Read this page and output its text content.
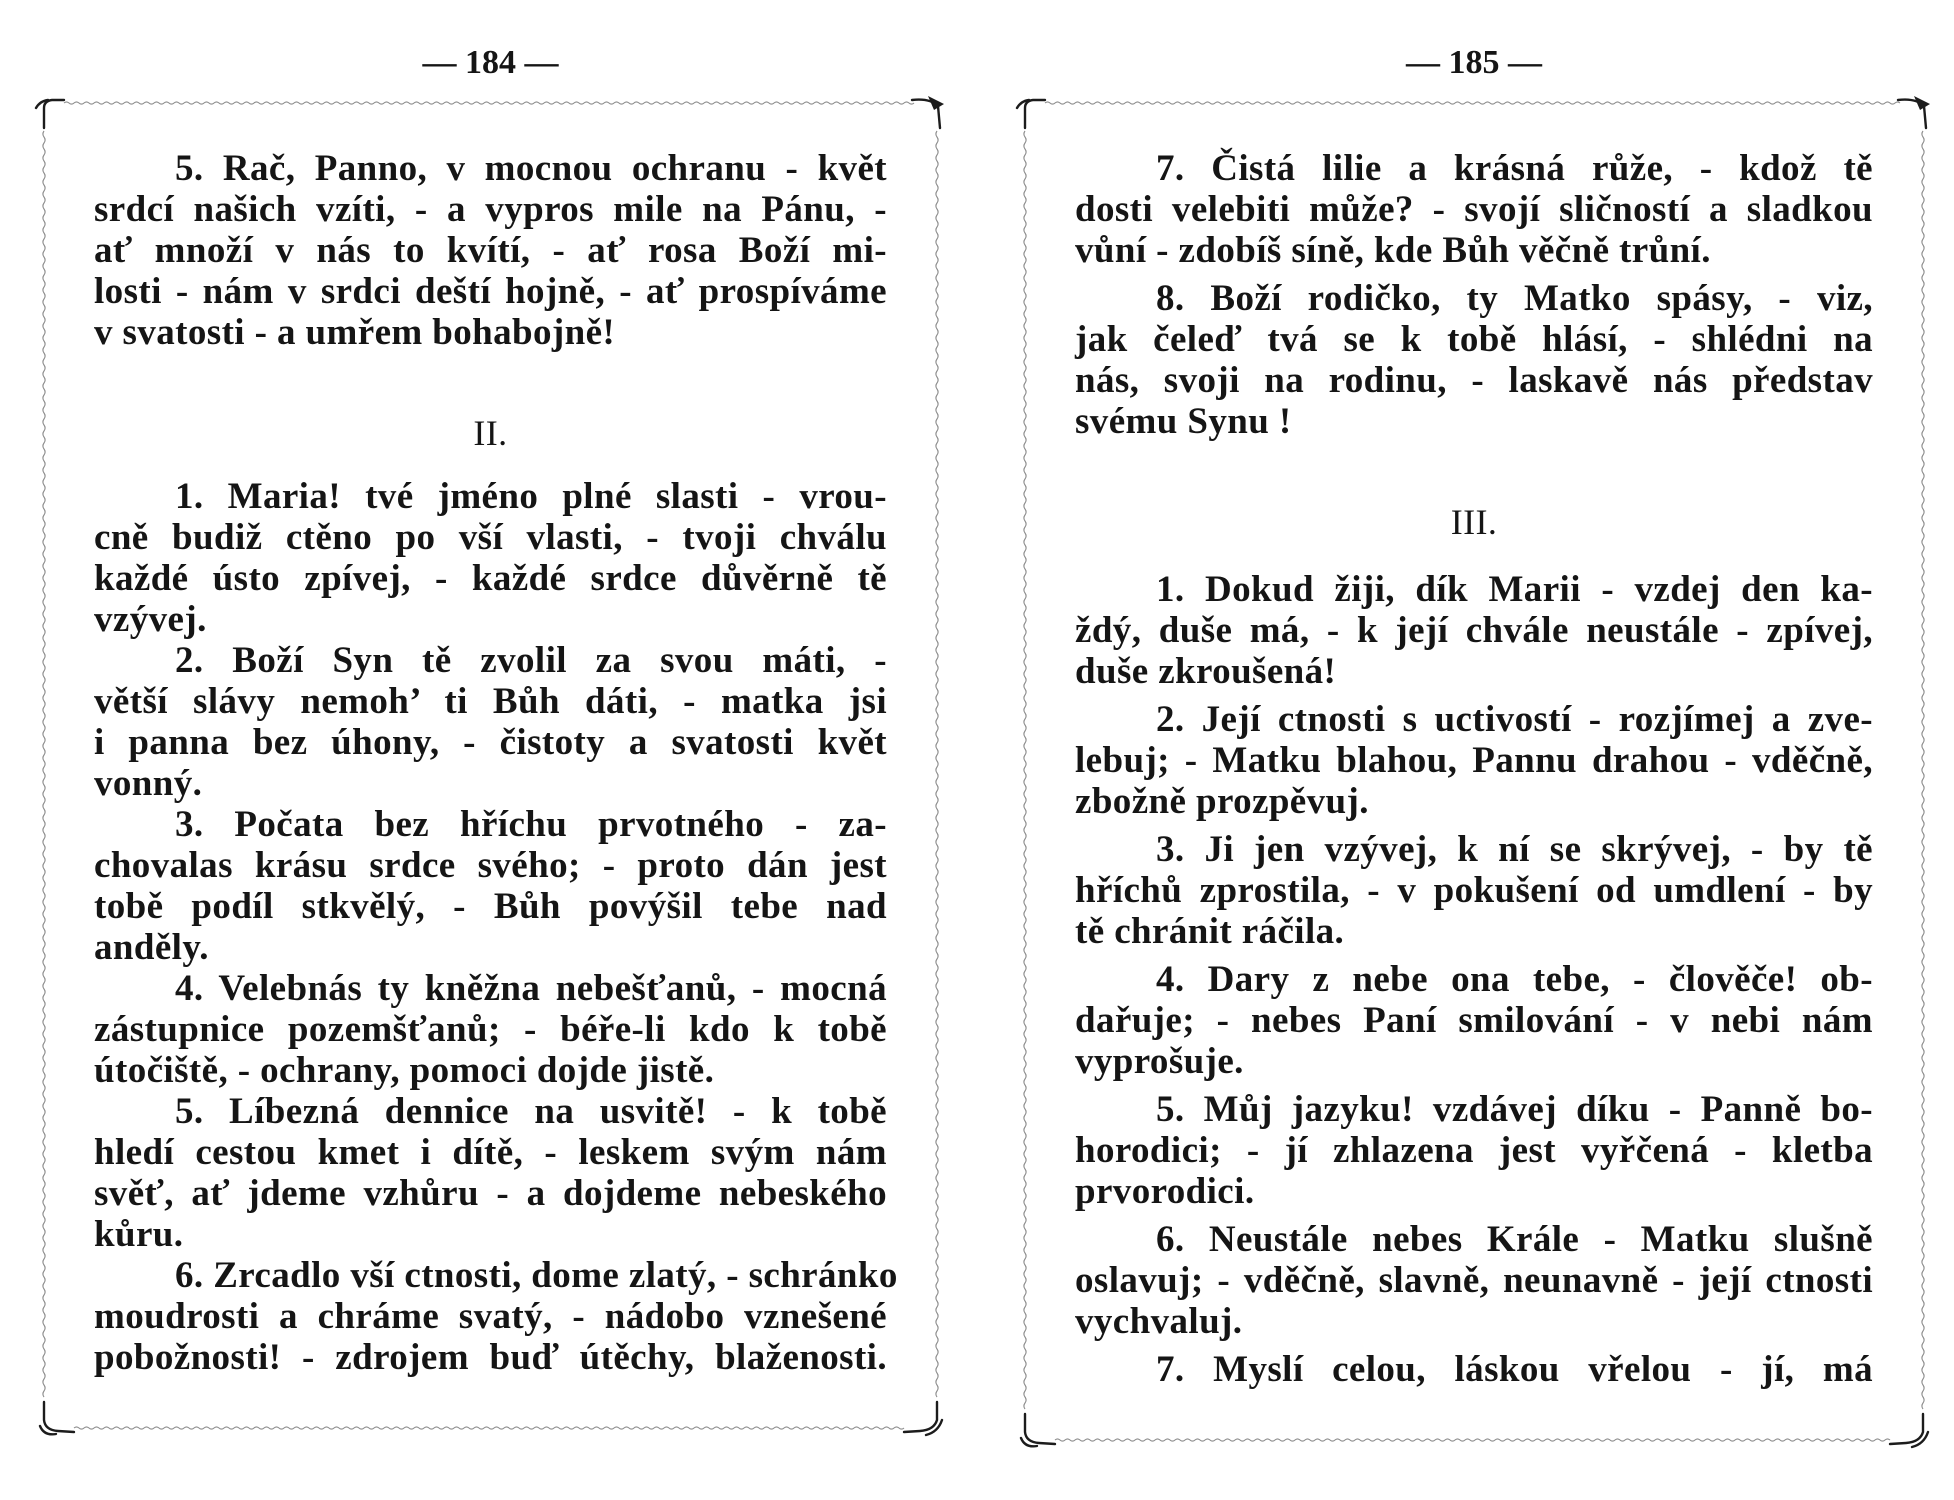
— 184 —
5. Rač, Panno, v mocnou ochranu - květ
srdcí našich vzíti, - a vypros mile na Pánu, -
ať množí v nás to kvítí, - ať rosa Boží mi-
losti - nám v srdci deští hojně, - ať prospíváme
v svatosti - a umřem bohabojně!
II.
1. Maria! tvé jméno plné slasti - vrou-
cně budiž ctěno po vší vlasti, - tvoji chválu
každé ústo zpívej, - každé srdce důvěrně tě
vzývej.
2. Boží Syn tě zvolil za svou máti, -
větší slávy nemoh’ ti Bůh dáti, - matka jsi
i panna bez úhony, - čistoty a svatosti květ
vonný.
3. Počata bez hříchu prvotného - za-
chovalas krásu srdce svého; - proto dán jest
tobě podíl stkvělý, - Bůh povýšil tebe nad
anděly.
4. Velebnás ty kněžna nebešťanů, - mocná
zástupnice pozemšťanů; - béře-li kdo k tobě
útočiště, - ochrany, pomoci dojde jistě.
5. Líbezná dennice na usvitě! - k tobě
hledí cestou kmet i dítě, - leskem svým nám
svěť, ať jdeme vzhůru - a dojdeme nebeského
kůru.
6. Zrcadlo vší ctnosti, dome zlatý, - schránko
moudrosti a chráme svatý, - nádobo vznešené
pobožnosti! - zdrojem buď útěchy, blaženosti.
— 185 —
7. Čistá lilie a krásná růže, - kdož tě
dosti velebiti může? - svojí sličností a sladkou
vůní - zdobíš síně, kde Bůh věčně trůní.
8. Boží rodičko, ty Matko spásy, - viz,
jak čeleď tvá se k tobě hlásí, - shlédni na
nás, svoji na rodinu, - laskavě nás představ
svému Synu !
III.
1. Dokud žiji, dík Marii - vzdej den ka-
ždý, duše má, - k její chvále neustále - zpívej,
duše zkroušená!
2. Její ctnosti s uctivostí - rozjímej a zve-
lebuj; - Matku blahou, Pannu drahou - vděčně,
zbožně prozpěvuj.
3. Ji jen vzývej, k ní se skrývej, - by tě
hříchů zprostila, - v pokušení od umdlení - by
tě chránit ráčila.
4. Dary z nebe ona tebe, - člověče! ob-
dařuje; - nebes Paní smilování - v nebi nám
vyprošuje.
5. Můj jazyku! vzdávej díku - Panně bo-
horodici; - jí zhlazena jest vyřčená - kletba
prvorodici.
6. Neustále nebes Krále - Matku slušně
oslavuj; - vděčně, slavně, neunavně - její ctnosti
vychvaluj.
7. Myslí celou, láskou vřelou - jí, má
